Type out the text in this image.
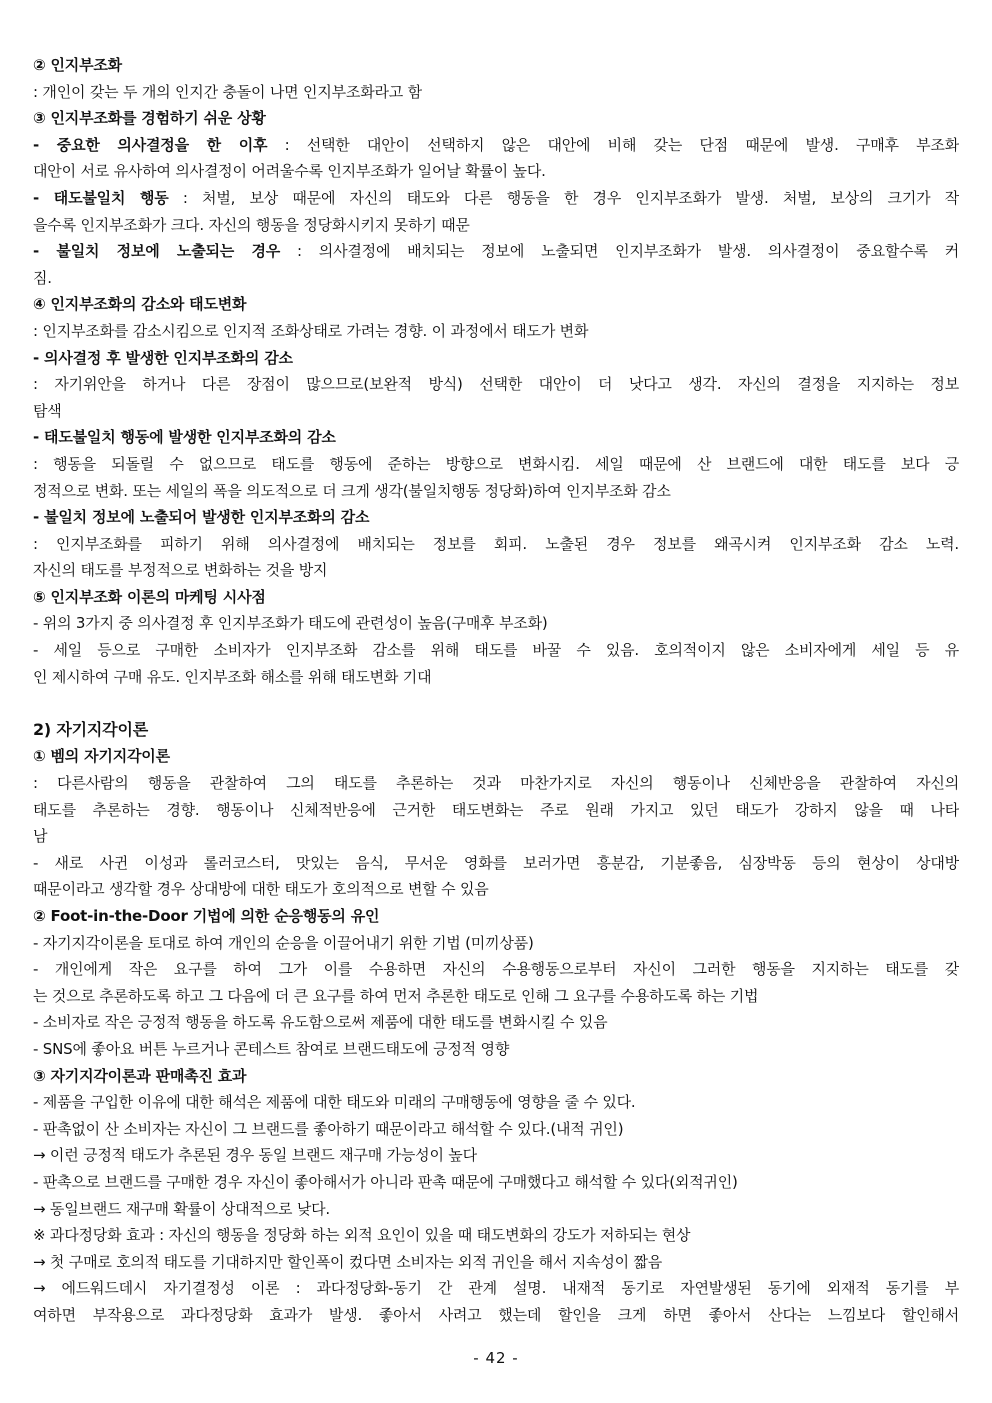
② 인지부조화
: 개인이 갖는 두 개의 인지간 충돌이 나면 인지부조화라고 함
③ 인지부조화를 경험하기 쉬운 상황
- 중요한 의사결정을 한 이후 : 선택한 대안이 선택하지 않은 대안에 비해 갖는 단점 때문에 발생. 구매후 부조화
대안이 서로 유사하여 의사결정이 어려울수록 인지부조화가 일어날 확률이 높다.
- 태도불일치 행동 : 처벌, 보상 때문에 자신의 태도와 다른 행동을 한 경우 인지부조화가 발생. 처벌, 보상의 크기가 작
을수록 인지부조화가 크다. 자신의 행동을 정당화시키지 못하기 때문
- 불일치 정보에 노출되는 경우 : 의사결정에 배치되는 정보에 노출되면 인지부조화가 발생. 의사결정이 중요할수록 커
짐.
④ 인지부조화의 감소와 태도변화
: 인지부조화를 감소시킴으로 인지적 조화상태로 가려는 경향. 이 과정에서 태도가 변화
- 의사결정 후 발생한 인지부조화의 감소
: 자기위안을 하거나 다른 장점이 많으므로(보완적 방식) 선택한 대안이 더 낫다고 생각. 자신의 결정을 지지하는 정보
탐색
- 태도불일치 행동에 발생한 인지부조화의 감소
: 행동을 되돌릴 수 없으므로 태도를 행동에 준하는 방향으로 변화시킴. 세일 때문에 산 브랜드에 대한 태도를 보다 긍
정적으로 변화. 또는 세일의 폭을 의도적으로 더 크게 생각(불일치행동 정당화)하여 인지부조화 감소
- 불일치 정보에 노출되어 발생한 인지부조화의 감소
: 인지부조화를 피하기 위해 의사결정에 배치되는 정보를 회피. 노출된 경우 정보를 왜곡시켜 인지부조화 감소 노력.
자신의 태도를 부정적으로 변화하는 것을 방지
⑤ 인지부조화 이론의 마케팅 시사점
- 위의 3가지 중 의사결정 후 인지부조화가 태도에 관련성이 높음(구매후 부조화)
- 세일 등으로 구매한 소비자가 인지부조화 감소를 위해 태도를 바꿀 수 있음. 호의적이지 않은 소비자에게 세일 등 유
인 제시하여 구매 유도. 인지부조화 해소를 위해 태도변화 기대
2) 자기지각이론
① 벰의 자기지각이론
: 다른사람의 행동을 관찰하여 그의 태도를 추론하는 것과 마찬가지로 자신의 행동이나 신체반응을 관찰하여 자신의
태도를 추론하는 경향. 행동이나 신체적반응에 근거한 태도변화는 주로 원래 가지고 있던 태도가 강하지 않을 때 나타
남
- 새로 사귄 이성과 롤러코스터, 맛있는 음식, 무서운 영화를 보러가면 흥분감, 기분좋음, 심장박동 등의 현상이 상대방
때문이라고 생각할 경우 상대방에 대한 태도가 호의적으로 변할 수 있음
② Foot-in-the-Door 기법에 의한 순응행동의 유인
- 자기지각이론을 토대로 하여 개인의 순응을 이끌어내기 위한 기법 (미끼상품)
- 개인에게 작은 요구를 하여 그가 이를 수용하면 자신의 수용행동으로부터 자신이 그러한 행동을 지지하는 태도를 갖
는 것으로 추론하도록 하고 그 다음에 더 큰 요구를 하여 먼저 추론한 태도로 인해 그 요구를 수용하도록 하는 기법
- 소비자로 작은 긍정적 행동을 하도록 유도함으로써 제품에 대한 태도를 변화시킬 수 있음
- SNS에 좋아요 버튼 누르거나 콘테스트 참여로 브랜드태도에 긍정적 영향
③ 자기지각이론과 판매촉진 효과
- 제품을 구입한 이유에 대한 해석은 제품에 대한 태도와 미래의 구매행동에 영향을 줄 수 있다.
- 판촉없이 산 소비자는 자신이 그 브랜드를 좋아하기 때문이라고 해석할 수 있다.(내적 귀인)
→ 이런 긍정적 태도가 추론된 경우 동일 브랜드 재구매 가능성이 높다
- 판촉으로 브랜드를 구매한 경우 자신이 좋아해서가 아니라 판촉 때문에 구매했다고 해석할 수 있다(외적귀인)
→ 동일브랜드 재구매 확률이 상대적으로 낮다.
※ 과다정당화 효과 : 자신의 행동을 정당화 하는 외적 요인이 있을 때 태도변화의 강도가 저하되는 현상
→ 첫 구매로 호의적 태도를 기대하지만 할인폭이 컸다면 소비자는 외적 귀인을 해서 지속성이 짧음
→ 에드워드데시 자기결정성 이론 : 과다정당화-동기 간 관계 설명. 내재적 동기로 자연발생된 동기에 외재적 동기를 부
여하면 부작용으로 과다정당화 효과가 발생. 좋아서 사려고 했는데 할인을 크게 하면 좋아서 산다는 느낌보다 할인해서
- 42 -
